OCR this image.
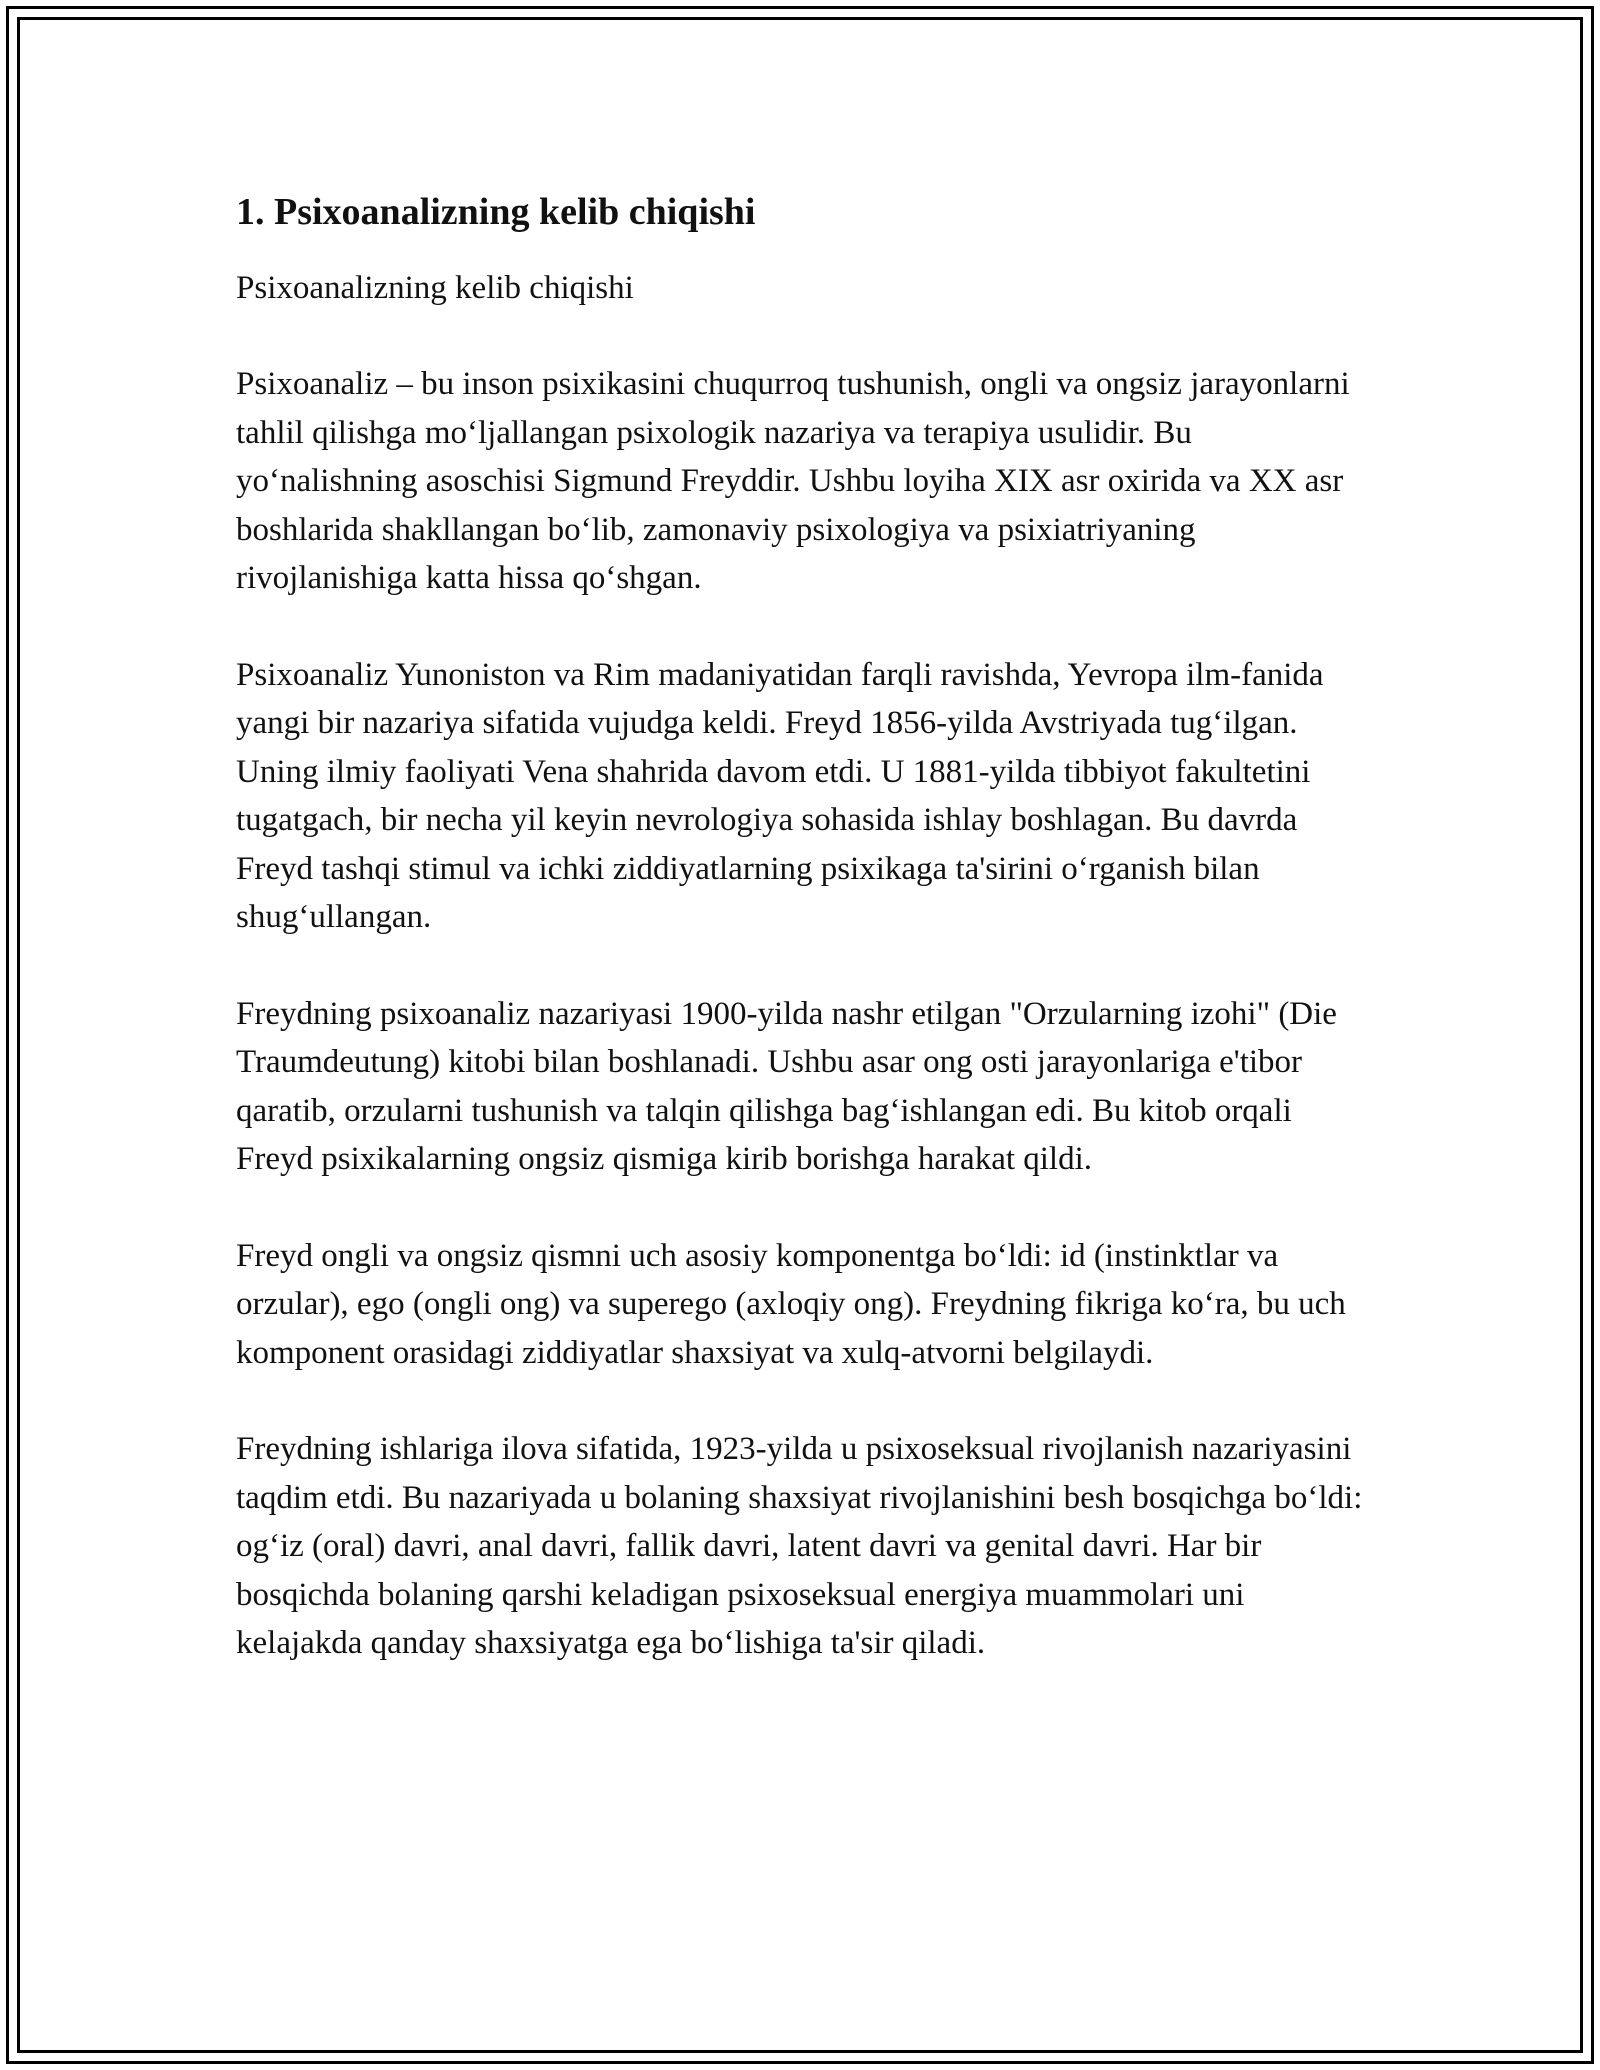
1. Psixoanalizning kelib chiqishi

Psixoanalizning kelib chiqishi

Psixoanaliz – bu inson psixikasini chuqurroq tushunish, ongli va ongsiz jarayonlarni tahlil qilishga mo‘ljallangan psixologik nazariya va terapiya usulidir. Bu yo‘nalishning asoschisi Sigmund Freyddir. Ushbu loyiha XIX asr oxirida va XX asr boshlarida shakllangan bo‘lib, zamonaviy psixologiya va psixiatriyaning rivojlanishiga katta hissa qo‘shgan.

Psixoanaliz Yunoniston va Rim madaniyatidan farqli ravishda, Yevropa ilm-fanida yangi bir nazariya sifatida vujudga keldi. Freyd 1856-yilda Avstriyada tug‘ilgan. Uning ilmiy faoliyati Vena shahrida davom etdi. U 1881-yilda tibbiyot fakultetini tugatgach, bir necha yil keyin nevrologiya sohasida ishlay boshlagan. Bu davrda Freyd tashqi stimul va ichki ziddiyatlarning psixikaga ta'sirini o‘rganish bilan shug‘ullangan.

Freydning psixoanaliz nazariyasi 1900-yilda nashr etilgan "Orzularning izohi" (Die Traumdeutung) kitobi bilan boshlanadi. Ushbu asar ong osti jarayonlariga e'tibor qaratib, orzularni tushunish va talqin qilishga bag‘ishlangan edi. Bu kitob orqali Freyd psixikalarning ongsiz qismiga kirib borishga harakat qildi.

Freyd ongli va ongsiz qismni uch asosiy komponentga bo‘ldi: id (instinktlar va orzular), ego (ongli ong) va superego (axloqiy ong). Freydning fikriga ko‘ra, bu uch komponent orasidagi ziddiyatlar shaxsiyat va xulq-atvorni belgilaydi.

Freydning ishlariga ilova sifatida, 1923-yilda u psixoseksual rivojlanish nazariyasini taqdim etdi. Bu nazariyada u bolaning shaxsiyat rivojlanishini besh bosqichga bo‘ldi: og‘iz (oral) davri, anal davri, fallik davri, latent davri va genital davri. Har bir bosqichda bolaning qarshi keladigan psixoseksual energiya muammolari uni kelajakda qanday shaxsiyatga ega bo‘lishiga ta'sir qiladi.
